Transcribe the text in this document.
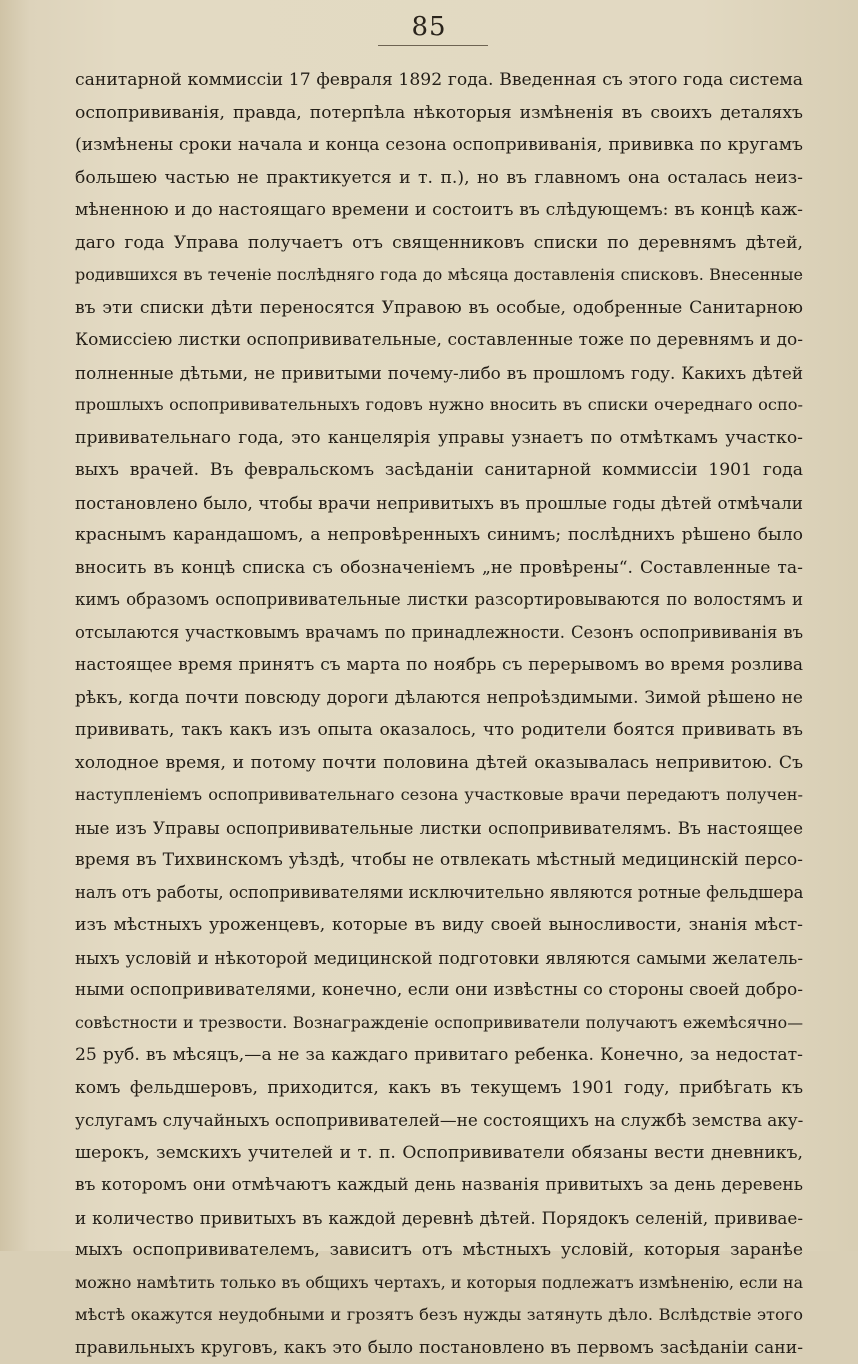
85
санитарной коммиссіи 17 февраля 1892 года. Введенная съ этого года система
оспопрививанія, правда, потерпѣла нѣкоторыя измѣненія въ своихъ деталяхъ
(измѣнены сроки начала и конца сезона оспопрививанія, прививка по кругамъ
большею частью не практикуется и т. п.), но въ главномъ она осталась неиз-
мѣненною и до настоящаго времени и состоитъ въ слѣдующемъ: въ концѣ каж-
даго года Управа получаетъ отъ священниковъ списки по деревнямъ дѣтей,
родившихся въ теченіе послѣдняго года до мѣсяца доставленія списковъ. Внесенные
въ эти списки дѣти переносятся Управою въ особые, одобренные Санитарною
Комиссіею листки оспопрививательные, составленные тоже по деревнямъ и до-
полненные дѣтьми, не привитыми почему-либо въ прошломъ году. Какихъ дѣтей
прошлыхъ оспопрививательныхъ годовъ нужно вносить въ списки очереднаго оспо-
прививательнаго года, это канцелярія управы узнаетъ по отмѣткамъ участко-
выхъ врачей. Въ февральскомъ засѣданіи санитарной коммиссіи 1901 года
постановлено было, чтобы врачи непривитыхъ въ прошлые годы дѣтей отмѣчали
краснымъ карандашомъ, а непровѣренныхъ синимъ; послѣднихъ рѣшено было
вносить въ концѣ списка съ обозначеніемъ „не провѣрены“. Составленные та-
кимъ образомъ оспопрививательные листки разсортировываются по волостямъ и
отсылаются участковымъ врачамъ по принадлежности. Сезонъ оспопрививанія въ
настоящее время принятъ съ марта по ноябрь съ перерывомъ во время розлива
рѣкъ, когда почти повсюду дороги дѣлаются непроѣздимыми. Зимой рѣшено не
прививать, такъ какъ изъ опыта оказалось, что родители боятся прививать въ
холодное время, и потому почти половина дѣтей оказывалась непривитою. Съ
наступленіемъ оспопрививательнаго сезона участковые врачи передаютъ получен-
ные изъ Управы оспопрививательные листки оспопрививателямъ. Въ настоящее
время въ Тихвинскомъ уѣздѣ, чтобы не отвлекать мѣстный медицинскій персо-
налъ отъ работы, оспопрививателями исключительно являются ротные фельдшера
изъ мѣстныхъ уроженцевъ, которые въ виду своей выносливости, знанія мѣст-
ныхъ условій и нѣкоторой медицинской подготовки являются самыми желатель-
ными оспопрививателями, конечно, если они извѣстны со стороны своей добро-
совѣстности и трезвости. Вознагражденіе оспопрививатели получаютъ ежемѣсячно—
25 руб. въ мѣсяцъ,—а не за каждаго привитаго ребенка. Конечно, за недостат-
комъ фельдшеровъ, приходится, какъ въ текущемъ 1901 году, прибѣгать къ
услугамъ случайныхъ оспопрививателей—не состоящихъ на службѣ земства аку-
шерокъ, земскихъ учителей и т. п. Оспопрививатели обязаны вести дневникъ,
въ которомъ они отмѣчаютъ каждый день названія привитыхъ за день деревень
и количество привитыхъ въ каждой деревнѣ дѣтей. Порядокъ селеній, прививае-
мыхъ оспопрививателемъ, зависитъ отъ мѣстныхъ условій, которыя заранѣе
можно намѣтить только въ общихъ чертахъ, и которыя подлежатъ измѣненію, если на
мѣстѣ окажутся неудобными и грозятъ безъ нужды затянуть дѣло. Вслѣдствіе этого
правильныхъ круговъ, какъ это было постановлено въ первомъ засѣданіи сани-
